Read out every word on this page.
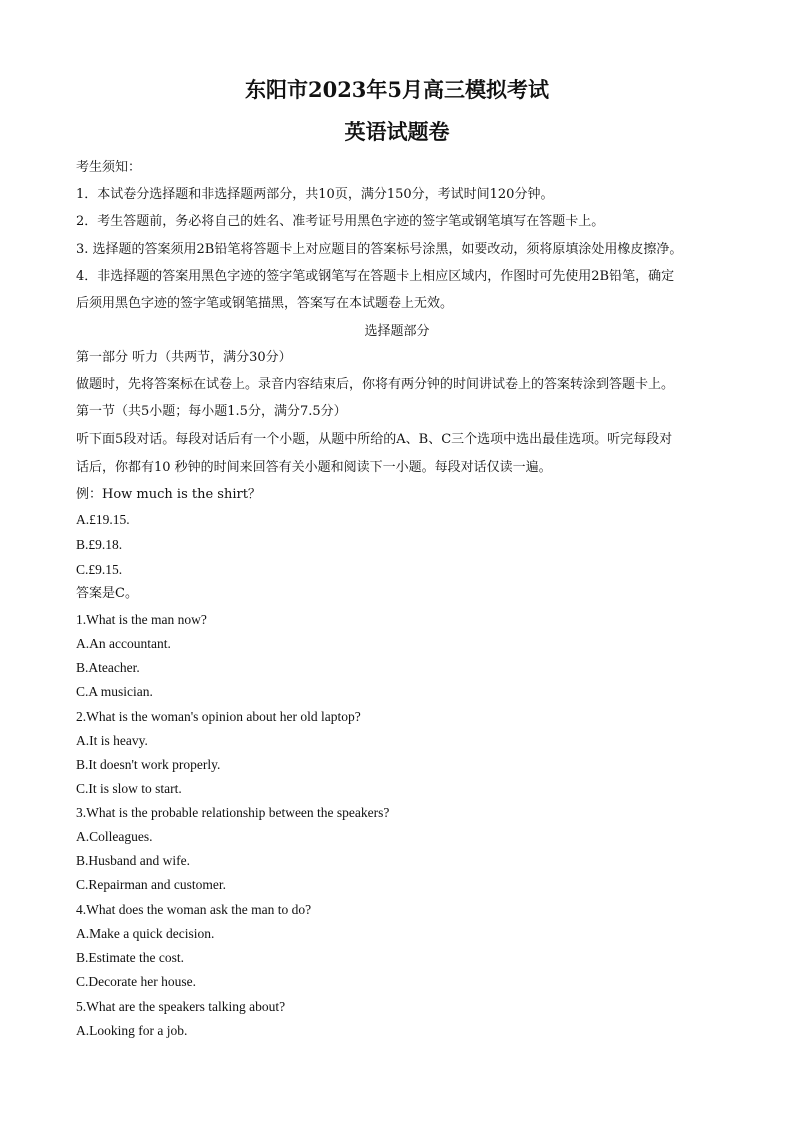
东阳市2023年5月高三模拟考试
英语试题卷
考生须知：
1．本试卷分选择题和非选择题两部分，共10页，满分150分，考试时间120分钟。
2．考生答题前，务必将自己的姓名、准考证号用黑色字迹的签字笔或钢笔填写在答题卡上。
3. 选择题的答案须用2B铅笔将答题卡上对应题目的答案标号涂黑，如要改动，须将原填涂处用橡皮擦净。
4．非选择题的答案用黑色字迹的签字笔或钢笔写在答题卡上相应区域内，作图时可先使用2B铅笔，确定
后须用黑色字迹的签字笔或钢笔描黑，答案写在本试题卷上无效。
选择题部分
第一部分 听力（共两节，满分30分）
做题时，先将答案标在试卷上。录音内容结束后，你将有两分钟的时间讲试卷上的答案转涂到答题卡上。
第一节（共5小题；每小题1.5分，满分7.5分）
听下面5段对话。每段对话后有一个小题，从题中所给的A、B、C三个选项中选出最佳选项。听完每段对
话后，你都有10 秒钟的时间来回答有关小题和阅读下一小题。每段对话仅读一遍。
例：How much is the shirt？
A.£19.15.
B.£9.18.
C.£9.15.
答案是C。
1.What is the man now?
A.An accountant.
B.Ateacher.
C.A musician.
2.What is the woman's opinion about her old laptop?
A.It is heavy.
B.It doesn't work properly.
C.It is slow to start.
3.What is the probable relationship between the speakers?
A.Colleagues.
B.Husband and wife.
C.Repairman and customer.
4.What does the woman ask the man to do?
A.Make a quick decision.
B.Estimate the cost.
C.Decorate her house.
5.What are the speakers talking about?
A.Looking for a job.
